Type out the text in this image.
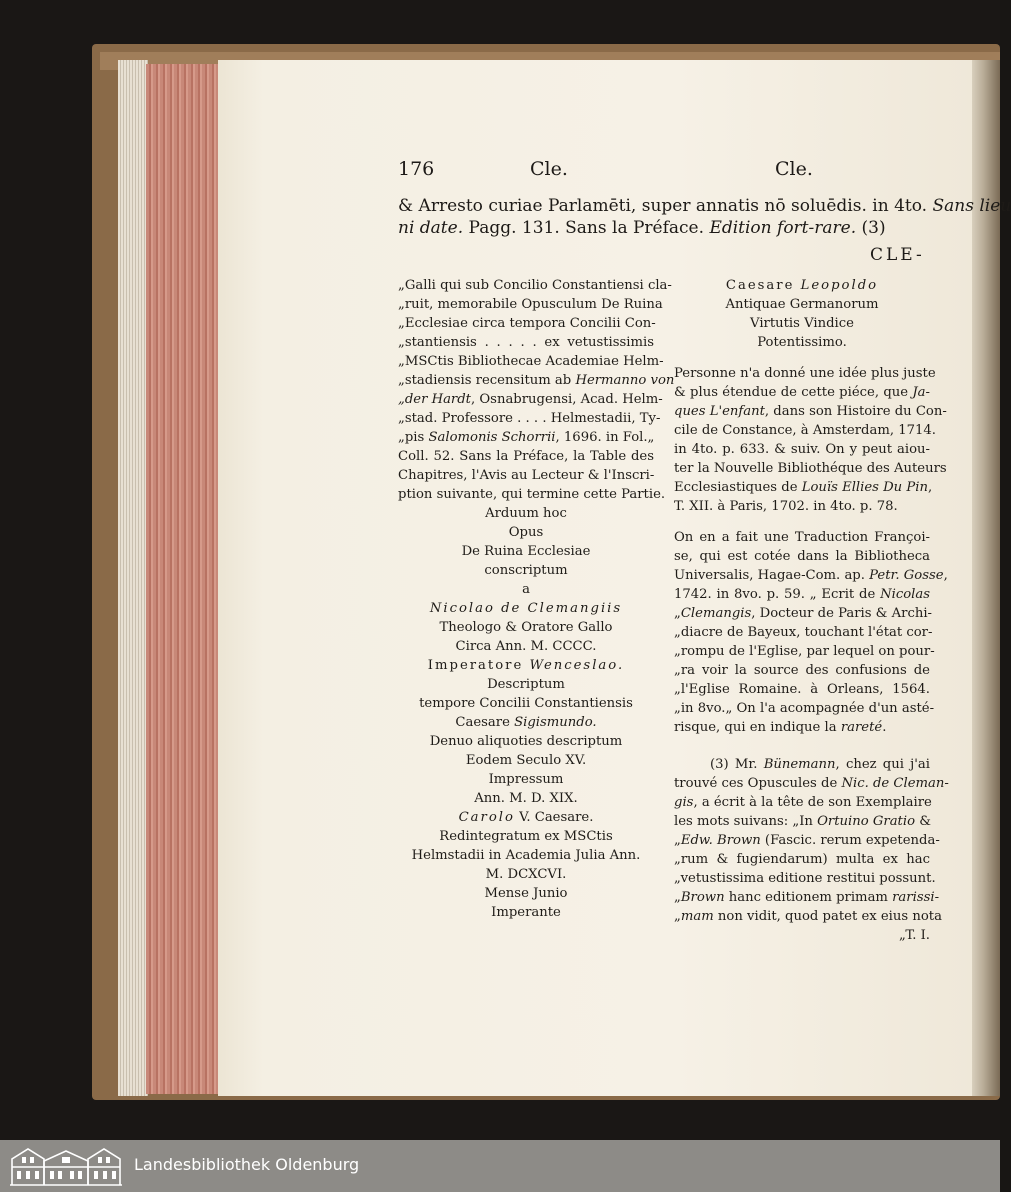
176	Cle.	Cle.
& Arresto curiae Parlamēti, super annatis nō soluēdis. in 4to. Sans lieu
ni date. Pagg. 131. Sans la Préface. Edition fort-rare. (3)
CLE-
„Galli qui sub Concilio Constantiensi cla-
„ruit, memorabile Opusculum De Ruina
„Ecclesiae circa tempora Concilii Con-
„stantiensis . . . . . ex vetustissimis
„MSCtis Bibliothecae Academiae Helm-
„stadiensis recensitum ab Hermanno von
„der Hardt, Osnabrugensi, Acad. Helm-
„stad. Professore . . . . Helmestadii, Ty-
„pis Salomonis Schorrii, 1696. in Fol.„
Coll. 52. Sans la Préface, la Table des
Chapitres, l'Avis au Lecteur & l'Inscri-
ption suivante, qui termine cette Partie.
Arduum hoc
Opus
De Ruina Ecclesiae
conscriptum
a
Nicolao de Clemangiis
Theologo & Oratore Gallo
Circa Ann. M. CCCC.
Imperatore Wenceslao.
Descriptum
tempore Concilii Constantiensis
Caesare Sigismundo.
Denuo aliquoties descriptum
Eodem Seculo XV.
Impressum
Ann. M. D. XIX.
Carolo V. Caesare.
Redintegratum ex MSCtis
Helmstadii in Academia Julia Ann.
M. DCXCVI.
Mense Junio
Imperante
Caesare Leopoldo
Antiquae Germanorum
Virtutis Vindice
Potentissimo.
Personne n'a donné une idée plus juste
& plus étendue de cette piéce, que Ja-
ques L'enfant, dans son Histoire du Con-
cile de Constance, à Amsterdam, 1714.
in 4to. p. 633. & suiv. On y peut aiou-
ter la Nouvelle Bibliothéque des Auteurs
Ecclesiastiques de Louïs Ellies Du Pin,
T. XII. à Paris, 1702. in 4to. p. 78.
On en a fait une Traduction Françoi-
se, qui est cotée dans la Bibliotheca
Universalis, Hagae-Com. ap. Petr. Gosse,
1742. in 8vo. p. 59. „ Ecrit de Nicolas
„Clemangis, Docteur de Paris & Archi-
„diacre de Bayeux, touchant l'état cor-
„rompu de l'Eglise, par lequel on pour-
„ra voir la source des confusions de
„l'Eglise Romaine. à Orleans, 1564.
„in 8vo.„ On l'a acompagnée d'un asté-
risque, qui en indique la rareté.
(3) Mr. Bünemann, chez qui j'ai
trouvé ces Opuscules de Nic. de Cleman-
gis, a écrit à la tête de son Exemplaire
les mots suivans: „In Ortuino Gratio &
„Edw. Brown (Fascic. rerum expetenda-
„rum & fugiendarum) multa ex hac
„vetustissima editione restitui possunt.
„Brown hanc editionem primam rarissi-
„mam non vidit, quod patet ex eius nota
„T. I.
Landesbibliothek Oldenburg
